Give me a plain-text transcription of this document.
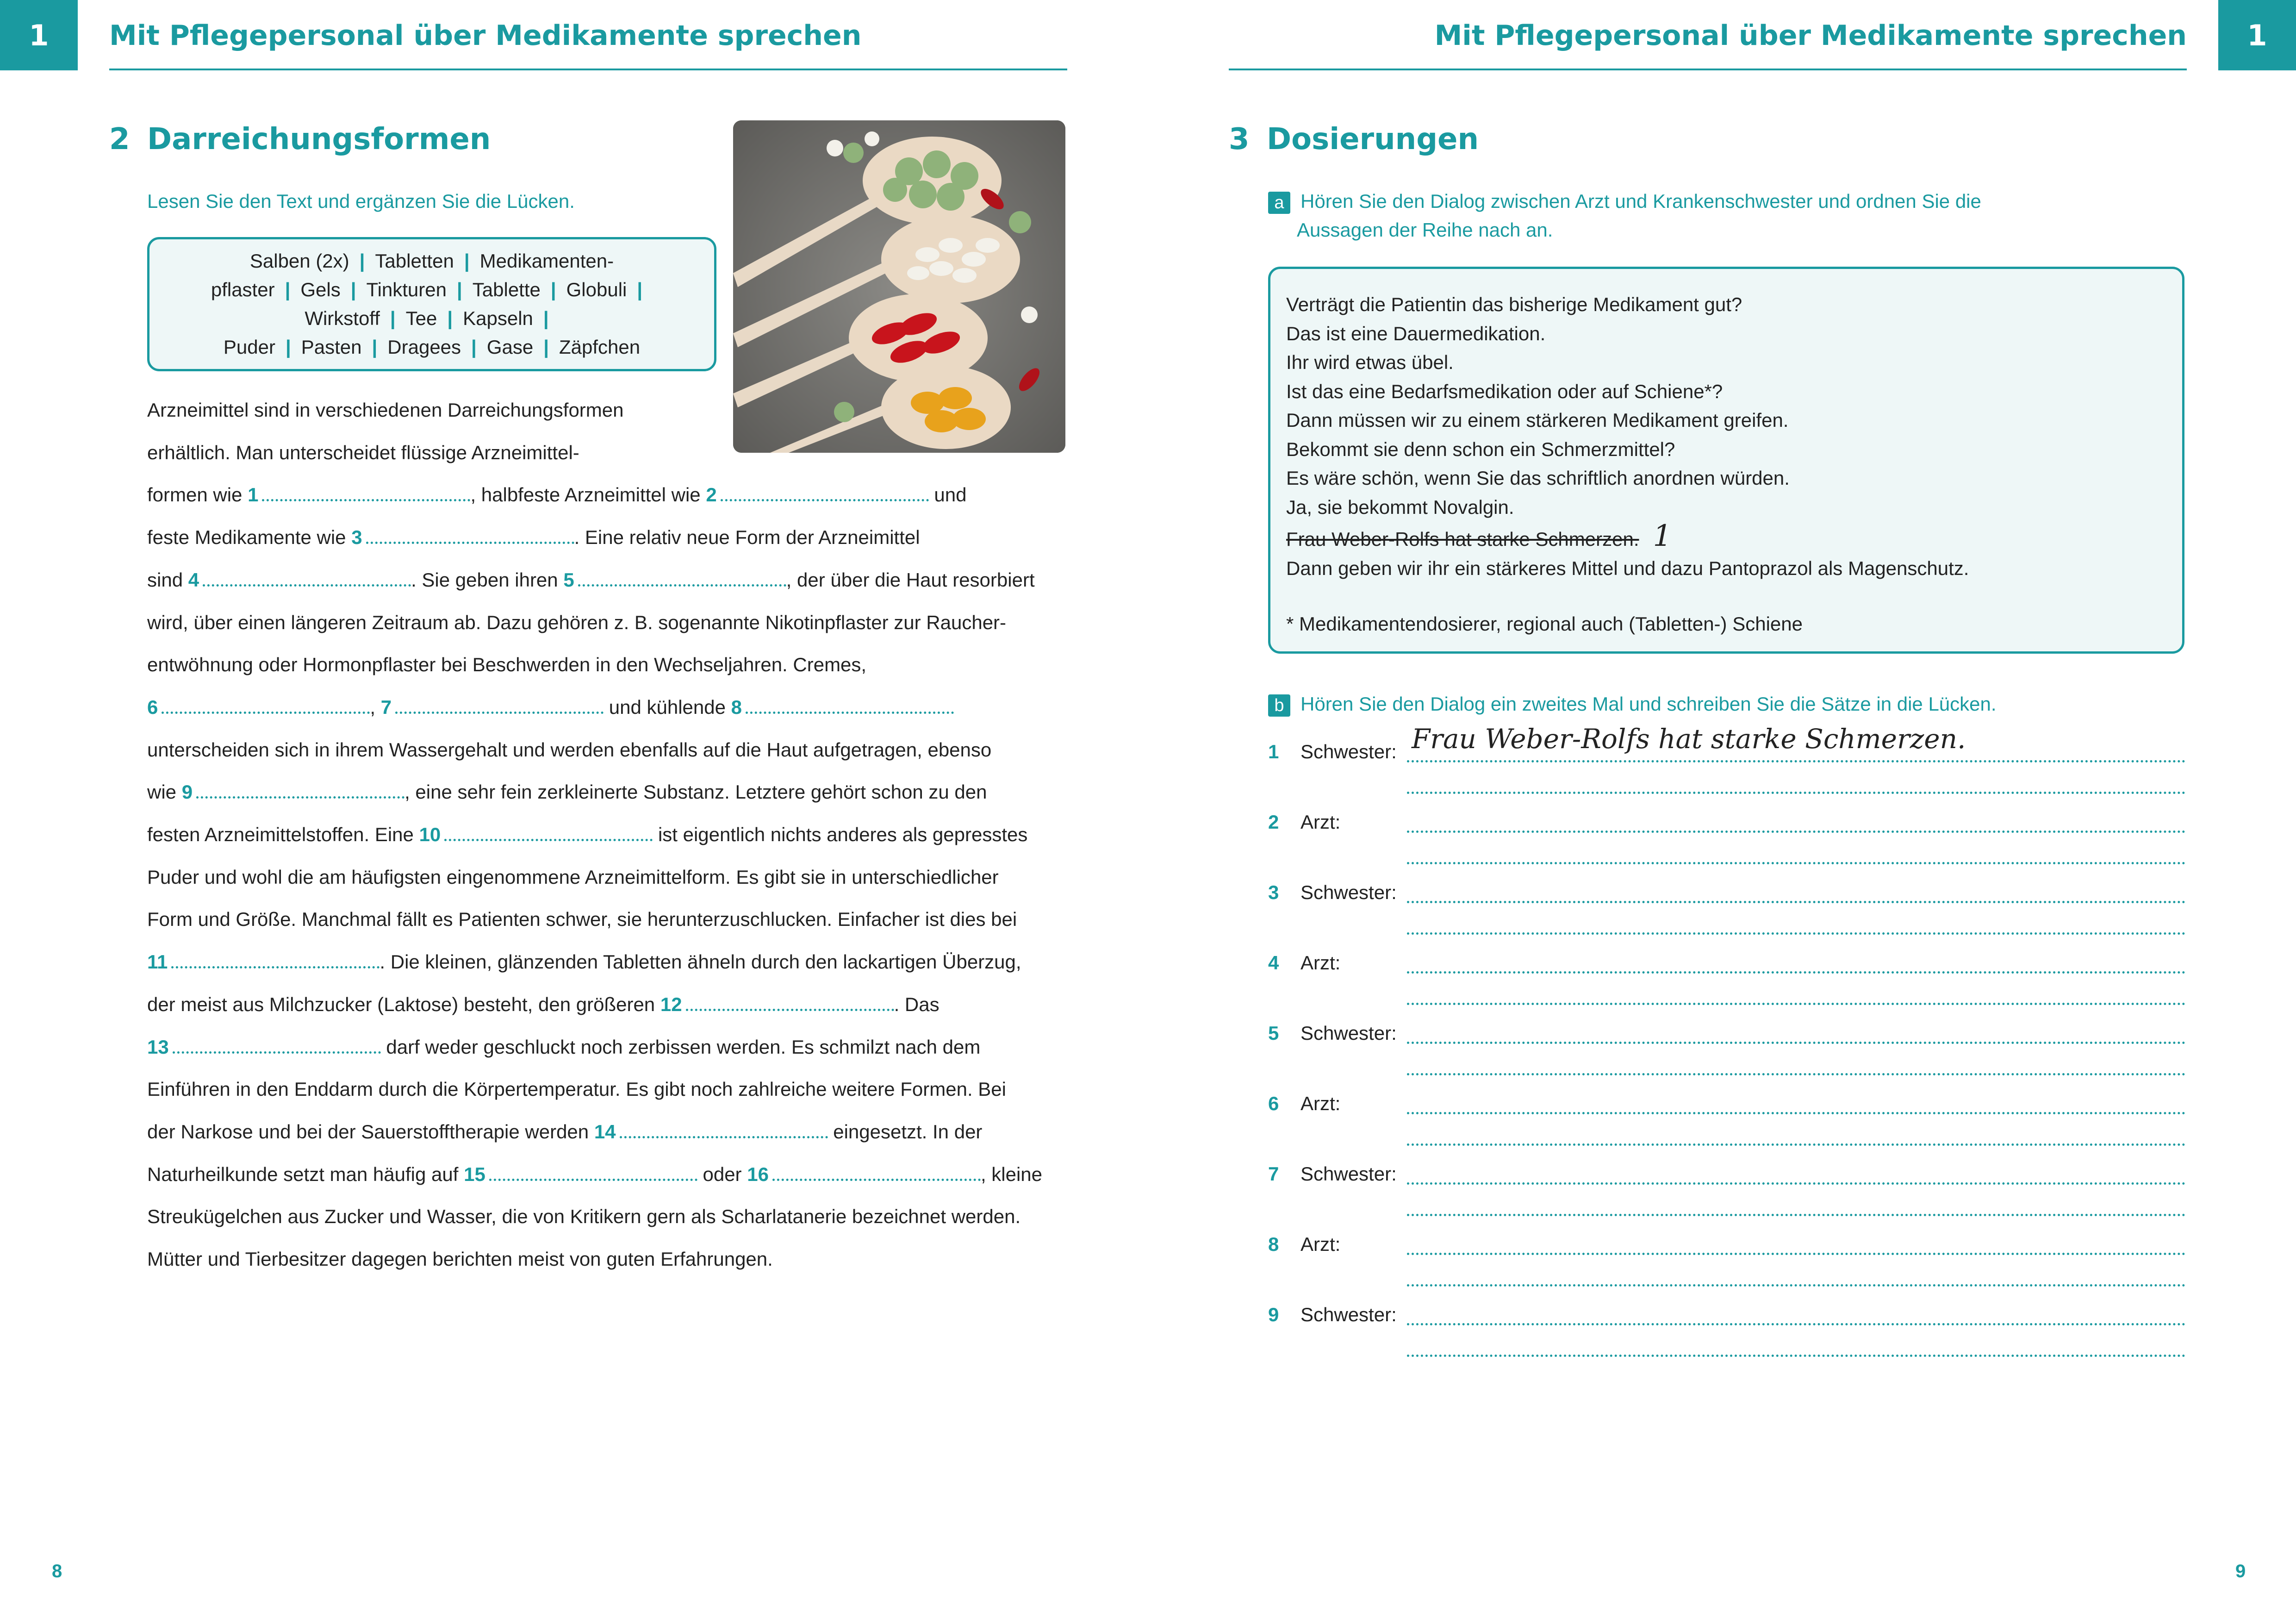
1 Mit Pflegepersonal über Medikamente sprechen	1
Mit Pflegepersonal über Medikamente sprechen
2 Darreichungsformen
Lesen Sie den Text und ergänzen Sie die Lücken.
Salben (2x) | Tabletten | Medikamenten-
pflaster | Gels | Tinkturen | Tablette | Globuli |
Wirkstoff | Tee | Kapseln |
Puder | Pasten | Dragees | Gase | Zäpfchen
Arzneimittel sind in verschiedenen Darreichungsformen
erhältlich. Man unterscheidet flüssige Arzneimittel-
formen wie 1	, halbfeste Arzneimittel wie 2	und
feste Medikamente wie 3	. Eine relativ neue Form der Arzneimittel
sind 4	. Sie geben ihren 5	, der über die Haut resorbiert
wird, über einen längeren Zeitraum ab. Dazu gehören z. B. sogenannte Nikotinpflaster zur Raucher-
entwöhnung oder Hormonpflaster bei Beschwerden in den Wechseljahren. Cremes,
6	, 7	und kühlende 8
unterscheiden sich in ihrem Wassergehalt und werden ebenfalls auf die Haut aufgetragen, ebenso
wie 9	, eine sehr fein zerkleinerte Substanz. Letztere gehört schon zu den
festen Arzneimittelstoffen. Eine 10	ist eigentlich nichts anderes als gepresstes
Puder und wohl die am häufigsten eingenommene Arzneimittelform. Es gibt sie in unterschiedlicher
Form und Größe. Manchmal fällt es Patienten schwer, sie herunterzuschlucken. Einfacher ist dies bei
11	. Die kleinen, glänzenden Tabletten ähneln durch den lackartigen Überzug,
der meist aus Milchzucker (Laktose) besteht, den größeren 12	. Das
13	darf weder geschluckt noch zerbissen werden. Es schmilzt nach dem
Einführen in den Enddarm durch die Körpertemperatur. Es gibt noch zahlreiche weitere Formen. Bei
der Narkose und bei der Sauerstofftherapie werden 14	eingesetzt. In der
Naturheilkunde setzt man häufig auf 15	oder 16	, kleine
Streukügelchen aus Zucker und Wasser, die von Kritikern gern als Scharlatanerie bezeichnet werden.
Mütter und Tierbesitzer dagegen berichten meist von guten Erfahrungen.
3 Dosierungen
a Hören Sie den Dialog zwischen Arzt und Krankenschwester und ordnen Sie die
Aussagen der Reihe nach an.
Verträgt die Patientin das bisherige Medikament gut?
Das ist eine Dauermedikation.
Ihr wird etwas übel.
Ist das eine Bedarfsmedikation oder auf Schiene*?
Dann müssen wir zu einem stärkeren Medikament greifen.
Bekommt sie denn schon ein Schmerzmittel?
Es wäre schön, wenn Sie das schriftlich anordnen würden.
Ja, sie bekommt Novalgin.
Frau Weber-Rolfs hat starke Schmerzen. 1
Dann geben wir ihr ein stärkeres Mittel und dazu Pantoprazol als Magenschutz.
* Medikamentendosierer, regional auch (Tabletten-) Schiene
b Hören Sie den Dialog ein zweites Mal und schreiben Sie die Sätze in die Lücken.
1 Schwester: Frau Weber-Rolfs hat starke Schmerzen.
2 Arzt:
3 Schwester:
4 Arzt:
5 Schwester:
6 Arzt:
7 Schwester:
8 Arzt:
9 Schwester:
8	9
